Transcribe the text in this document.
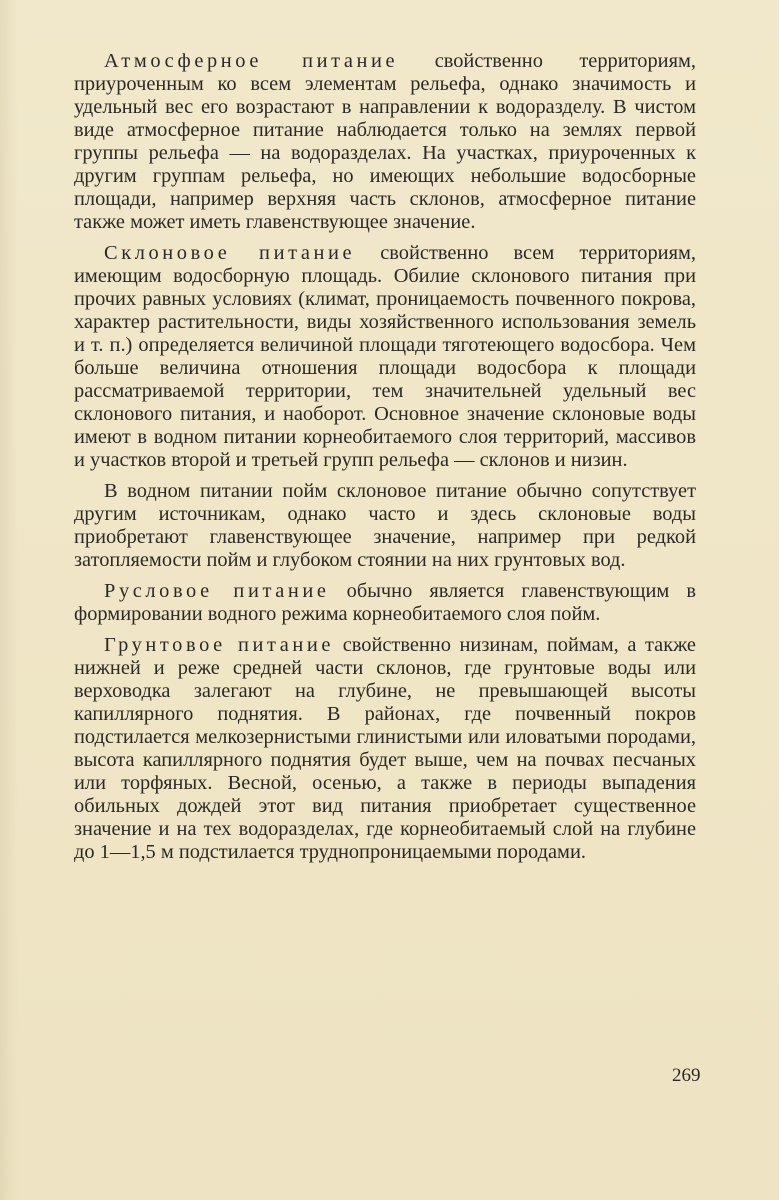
Атмосферное питание свойственно территориям, приуроченным ко всем элементам рельефа, однако значимость и удельный вес его возрастают в направлении к водоразделу. В чистом виде атмосферное питание наблюдается только на землях первой группы рельефа — на водоразделах. На участках, приуроченных к другим группам рельефа, но имеющих небольшие водосборные площади, например верхняя часть склонов, атмосферное питание также может иметь главенствующее значение.

Склоновое питание свойственно всем территориям, имеющим водосборную площадь. Обилие склонового питания при прочих равных условиях (климат, проницаемость почвенного покрова, характер растительности, виды хозяйственного использования земель и т. п.) определяется величиной площади тяготеющего водосбора. Чем больше величина отношения площади водосбора к площади рассматриваемой территории, тем значительней удельный вес склонового питания, и наоборот. Основное значение склоновые воды имеют в водном питании корнеобитаемого слоя территорий, массивов и участков второй и третьей групп рельефа — склонов и низин.

В водном питании пойм склоновое питание обычно сопутствует другим источникам, однако часто и здесь склоновые воды приобретают главенствующее значение, например при редкой затопляемости пойм и глубоком стоянии на них грунтовых вод.

Русловое питание обычно является главенствующим в формировании водного режима корнеобитаемого слоя пойм.

Грунтовое питание свойственно низинам, поймам, а также нижней и реже средней части склонов, где грунтовые воды или верховодка залегают на глубине, не превышающей высоты капиллярного поднятия. В районах, где почвенный покров подстилается мелкозернистыми глинистыми или иловатыми породами, высота капиллярного поднятия будет выше, чем на почвах песчаных или торфяных. Весной, осенью, а также в периоды выпадения обильных дождей этот вид питания приобретает существенное значение и на тех водоразделах, где корнеобитаемый слой на глубине до 1—1,5 м подстилается труднопроницаемыми породами.

269
